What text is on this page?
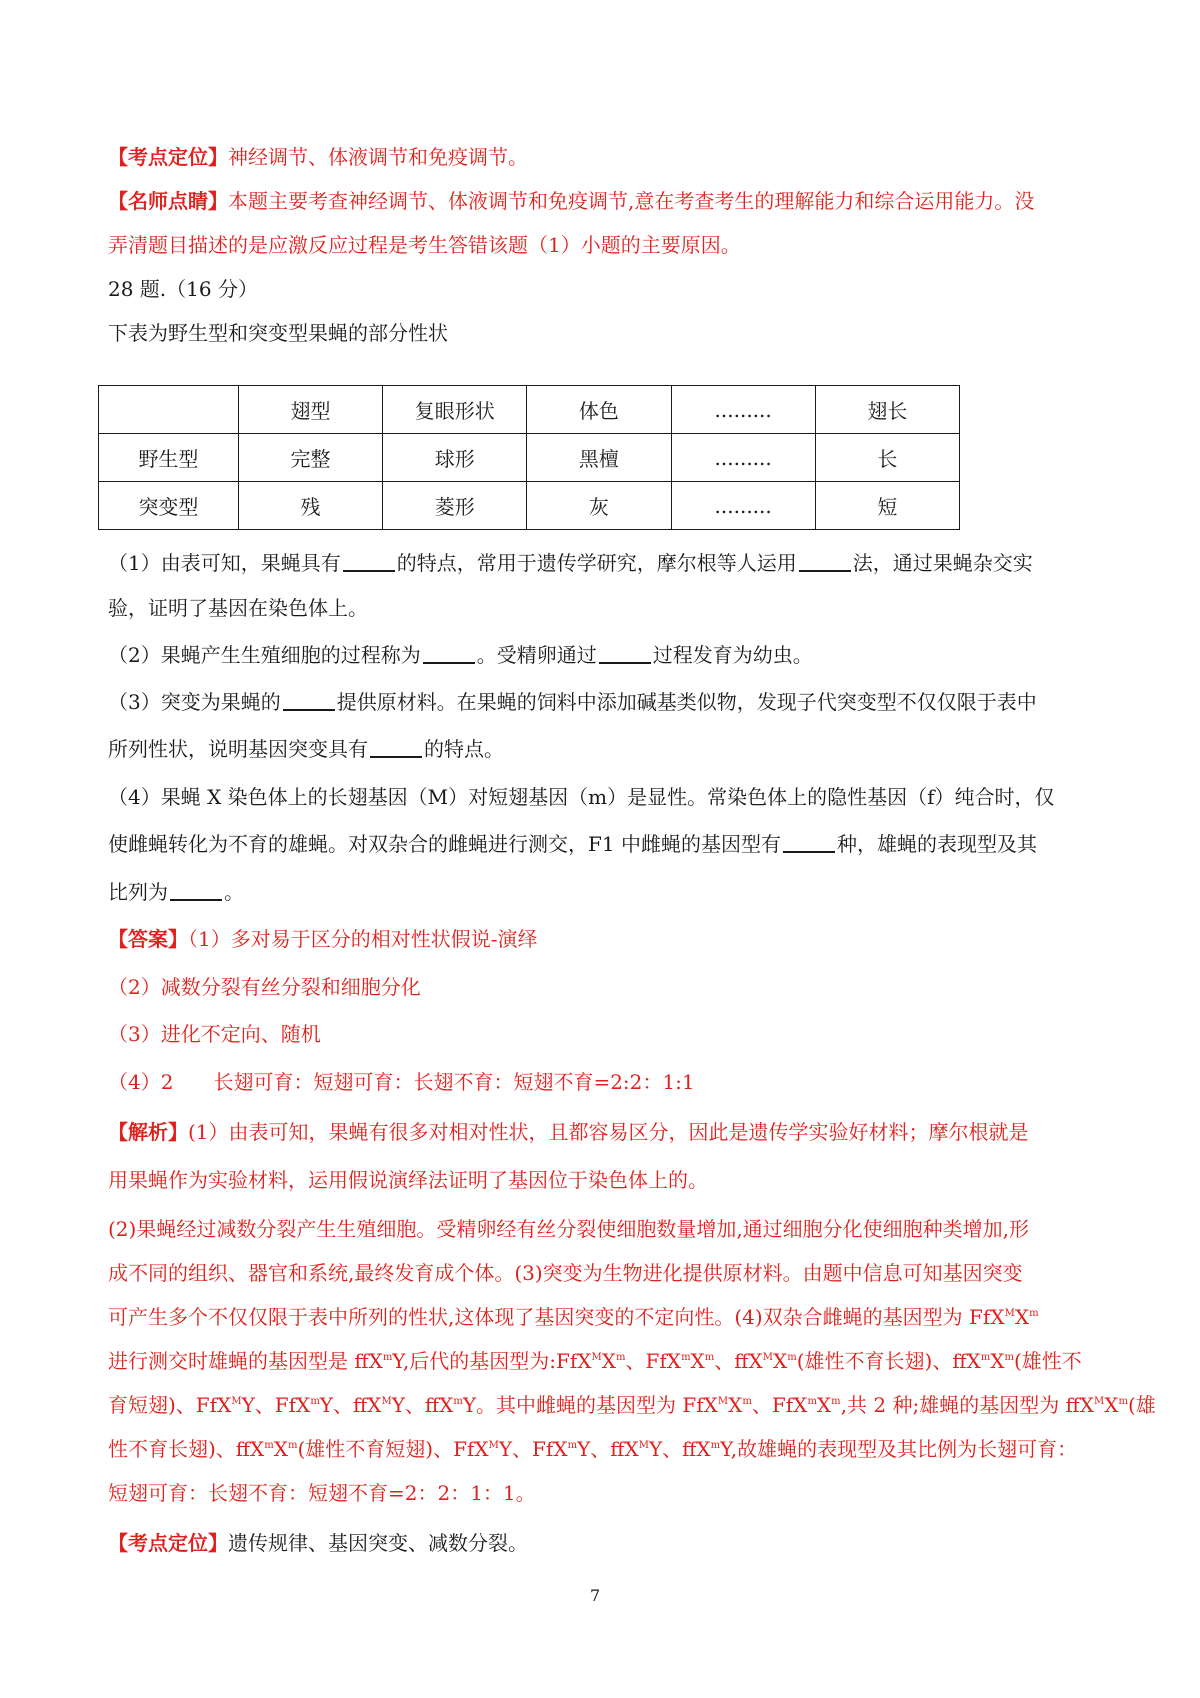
【考点定位】神经调节、体液调节和免疫调节。
【名师点睛】本题主要考查神经调节、体液调节和免疫调节,意在考查考生的理解能力和综合运用能力。没
弄清题目描述的是应激反应过程是考生答错该题（1）小题的主要原因。
28 题.（16 分）
下表为野生型和突变型果蝇的部分性状
	翅型	复眼形状	体色	.........	翅长
野生型	完整	球形	黑檀	.........	长
突变型	残	菱形	灰	.........	短
（1）由表可知，果蝇具有	的特点，常用于遗传学研究，摩尔根等人运用	法，通过果蝇杂交实
验，证明了基因在染色体上。
（2）果蝇产生生殖细胞的过程称为	。受精卵通过	过程发育为幼虫。
（3）突变为果蝇的	提供原材料。在果蝇的饲料中添加碱基类似物，发现子代突变型不仅仅限于表中
所列性状，说明基因突变具有	的特点。
（4）果蝇 X 染色体上的长翅基因（M）对短翅基因（m）是显性。常染色体上的隐性基因（f）纯合时，仅
使雌蝇转化为不育的雄蝇。对双杂合的雌蝇进行测交，F1 中雌蝇的基因型有	种，雄蝇的表现型及其
比列为	。
【答案】（1）多对易于区分的相对性状假说-演绎
（2）减数分裂有丝分裂和细胞分化
（3）进化不定向、随机
（4）2　　长翅可育：短翅可育：长翅不育：短翅不育=2:2：1:1
【解析】(1）由表可知，果蝇有很多对相对性状，且都容易区分，因此是遗传学实验好材料；摩尔根就是
用果蝇作为实验材料，运用假说演绎法证明了基因位于染色体上的。
(2)果蝇经过减数分裂产生生殖细胞。受精卵经有丝分裂使细胞数量增加,通过细胞分化使细胞种类增加,形
成不同的组织、器官和系统,最终发育成个体。(3)突变为生物进化提供原材料。由题中信息可知基因突变
可产生多个不仅仅限于表中所列的性状,这体现了基因突变的不定向性。(4)双杂合雌蝇的基因型为 $FfX^MX^m$
进行测交时雄蝇的基因型是 ffX$^m$Y,后代的基因型为$:FfX^MX^m$、$FfX^mX^m$、$ffX^MX^m$(雄性不育长翅)、$ffX^mX^m$(雄性不
育短翅)、FfX$^M$Y、FfX$^m$Y、ffX$^M$Y、ffX$^m$Y。其中雌蝇的基因型为 $FfX^MX^m$、$FfX^mX^m$,共 2 种;雄蝇的基因型为 $ffX^MX^m$(雄
性不育长翅)、$ffX^mX^m$(雄性不育短翅)、FfX$^M$Y、FfX$^m$Y、ffX$^M$Y、ffX$^m$Y,故雄蝇的表现型及其比例为长翅可育：
短翅可育：长翅不育：短翅不育=2：2：1：1。
【考点定位】遗传规律、基因突变、减数分裂。
7
